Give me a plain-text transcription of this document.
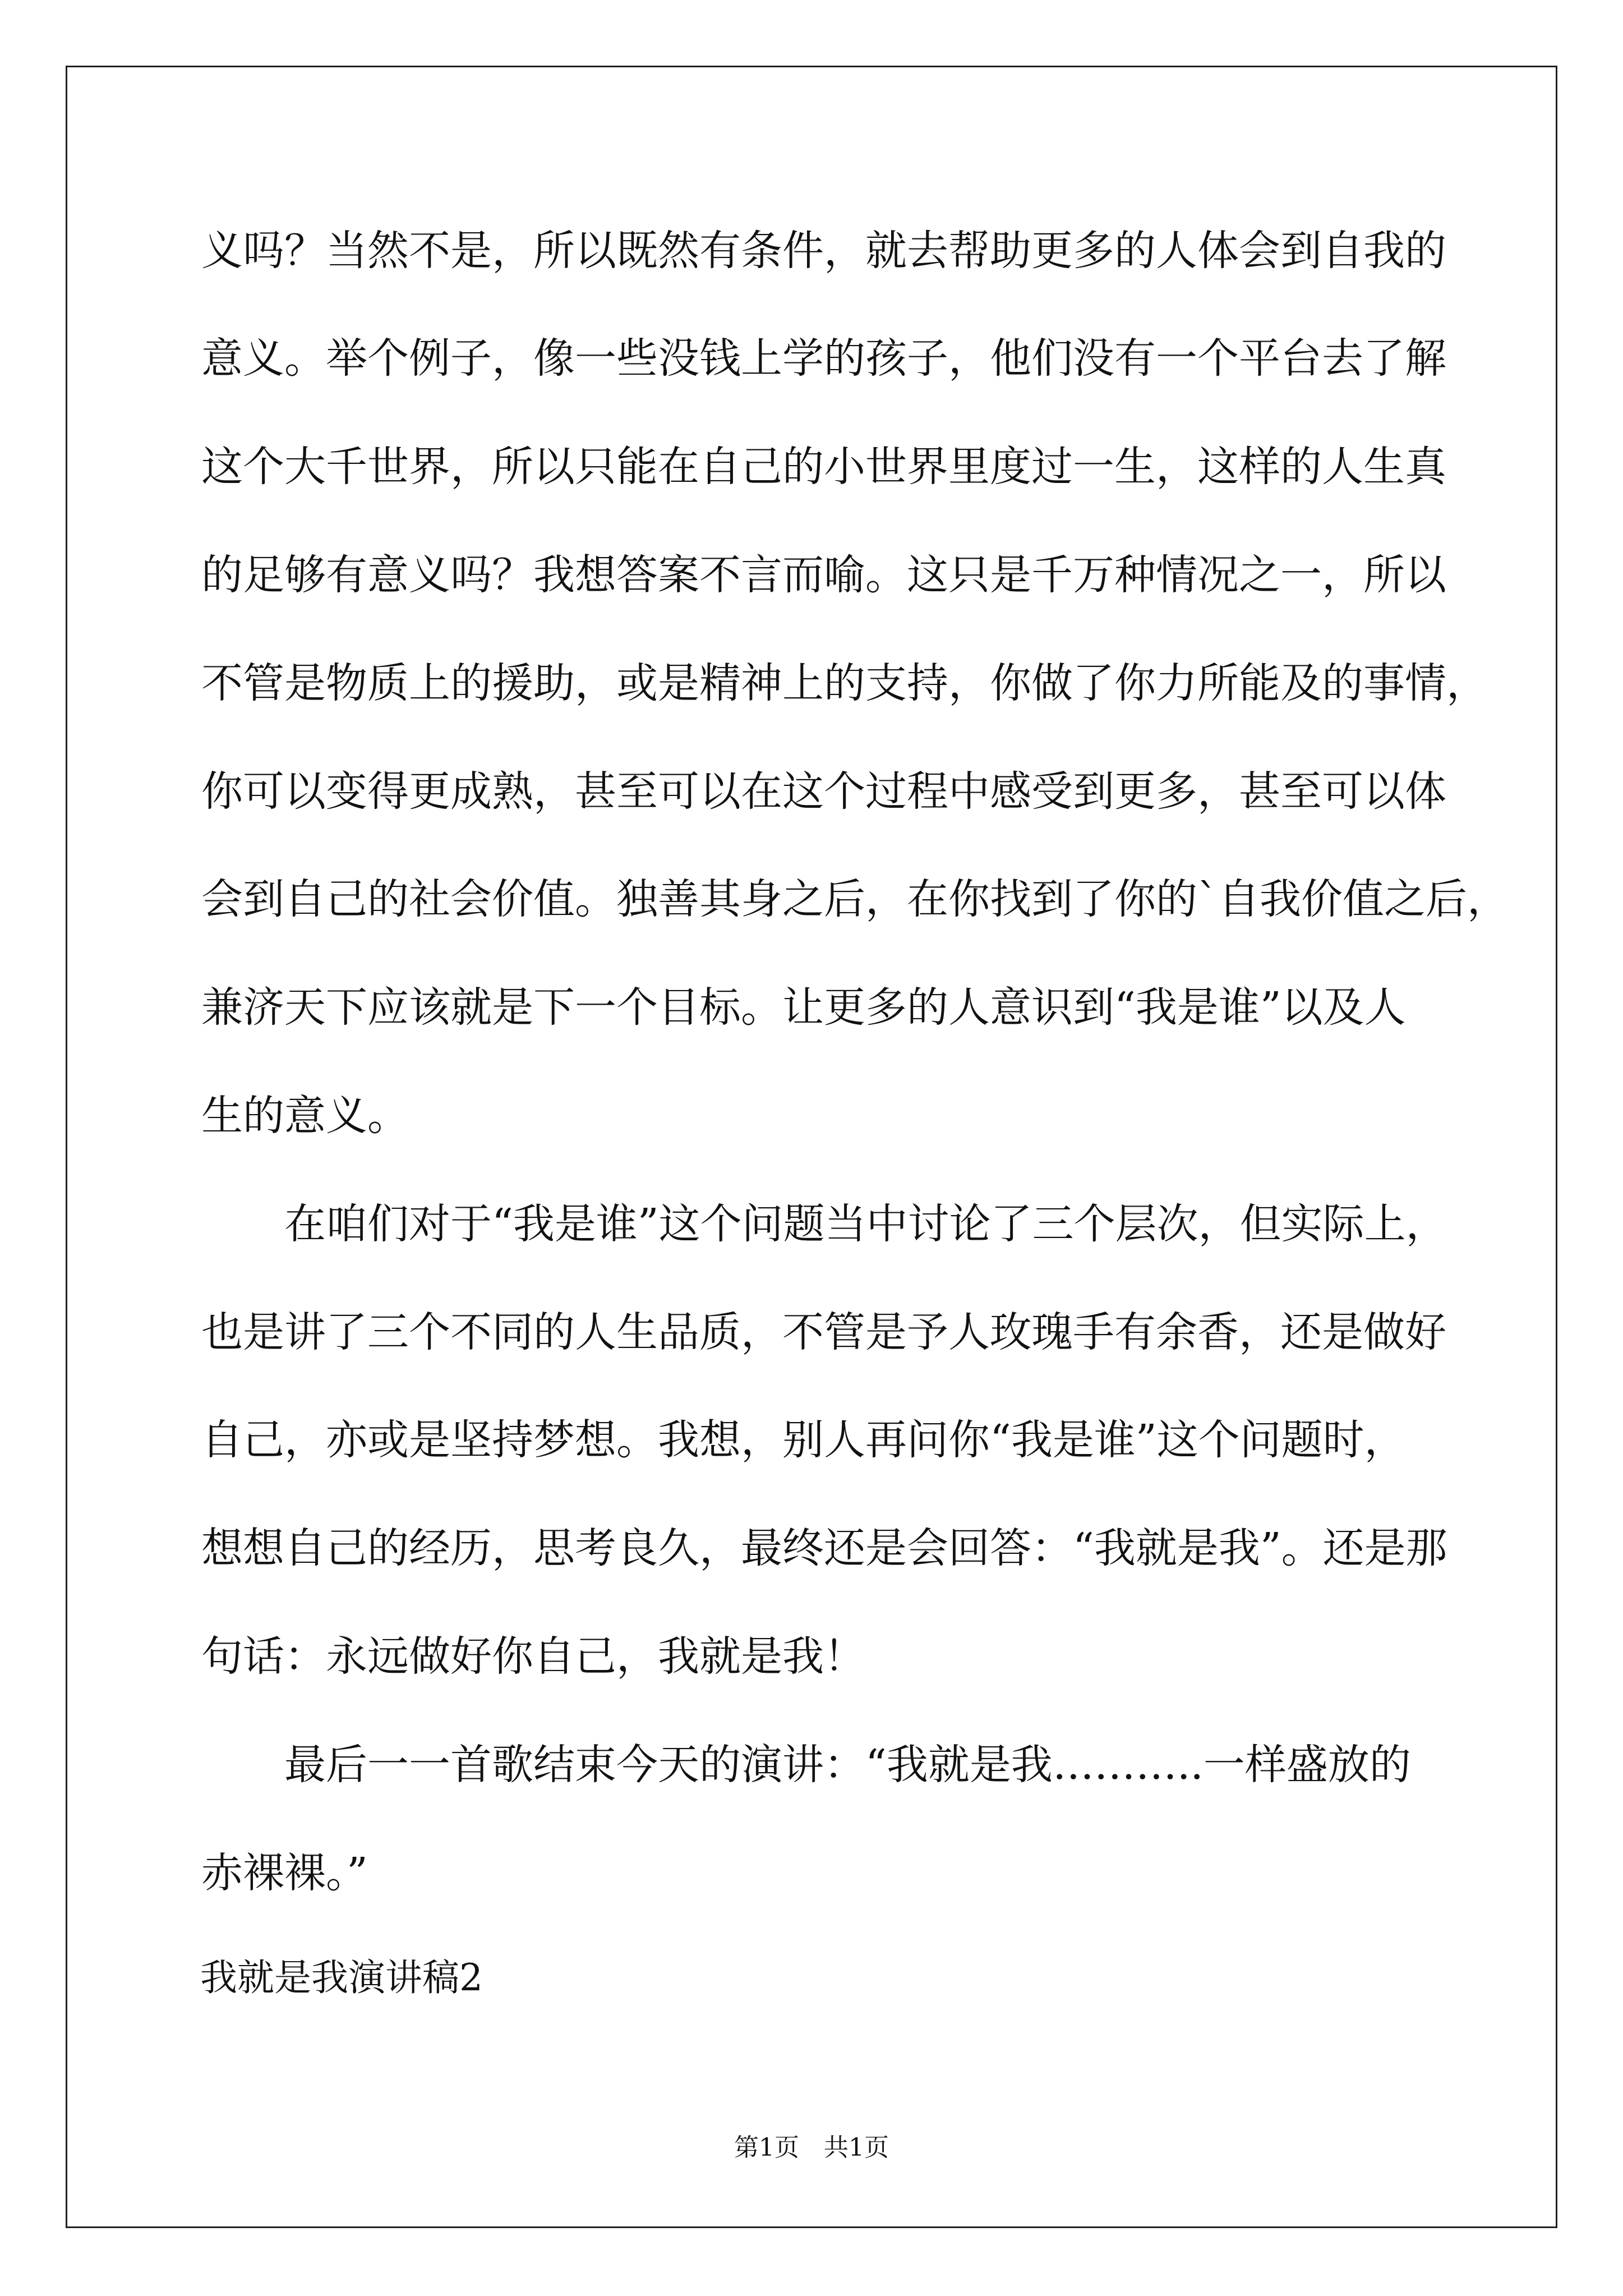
义吗？当然不是，所以既然有条件，就去帮助更多的人体会到自我的
意义。举个例子，像一些没钱上学的孩子，他们没有一个平台去了解
这个大千世界，所以只能在自己的小世界里度过一生，这样的人生真
的足够有意义吗？我想答案不言而喻。这只是千万种情况之一，所以
不管是物质上的援助，或是精神上的支持，你做了你力所能及的事情，
你可以变得更成熟，甚至可以在这个过程中感受到更多，甚至可以体
会到自己的社会价值。独善其身之后，在你找到了你的`自我价值之后，
兼济天下应该就是下一个目标。让更多的人意识到“我是谁”以及人
生的意义。
　　在咱们对于“我是谁”这个问题当中讨论了三个层次，但实际上，
也是讲了三个不同的人生品质，不管是予人玫瑰手有余香，还是做好
自己，亦或是坚持梦想。我想，别人再问你“我是谁”这个问题时，
想想自己的经历，思考良久，最终还是会回答：“我就是我”。还是那
句话：永远做好你自己，我就是我！
　　最后一一首歌结束今天的演讲：“我就是我………..一样盛放的
赤裸裸。”
我就是我演讲稿2
第1页　共1页
